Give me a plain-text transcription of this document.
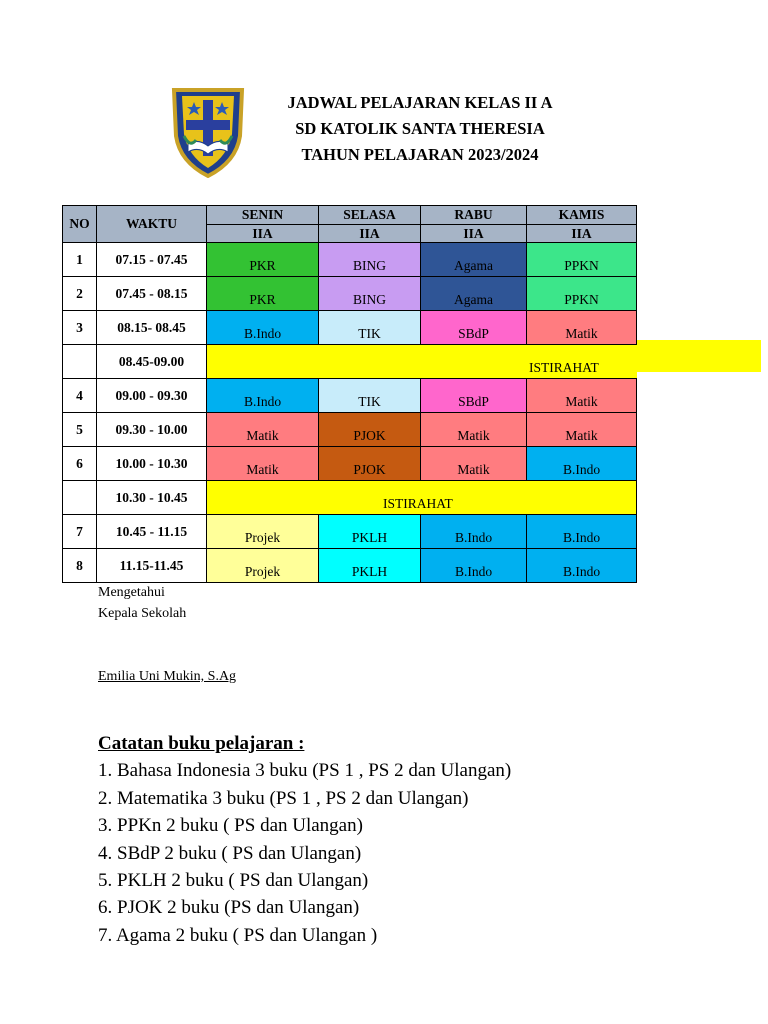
JADWAL PELAJARAN KELAS II A
SD KATOLIK SANTA THERESIA
TAHUN PELAJARAN 2023/2024
NO	WAKTU	SENIN	SELASA	RABU	KAMIS
		IIA	IIA	IIA	IIA
1	07.15 - 07.45	PKR	BING	Agama	PPKN
2	07.45 - 08.15	PKR	BING	Agama	PPKN
3	08.15- 08.45	B.Indo	TIK	SBdP	Matik
	08.45-09.00	ISTIRAHAT			
4	09.00 - 09.30	B.Indo	TIK	SBdP	Matik
5	09.30 - 10.00	Matik	PJOK	Matik	Matik
6	10.00 - 10.30	Matik	PJOK	Matik	B.Indo
	10.30 - 10.45	ISTIRAHAT			
7	10.45 - 11.15	Projek	PKLH	B.Indo	B.Indo
8	11.15-11.45	Projek	PKLH	B.Indo	B.Indo
Mengetahui
Kepala Sekolah
Emilia Uni Mukin, S.Ag
Catatan buku pelajaran :
1. Bahasa Indonesia 3 buku (PS 1 , PS 2 dan Ulangan)
2. Matematika 3 buku (PS 1 , PS 2 dan Ulangan)
3. PPKn 2 buku ( PS dan Ulangan)
4. SBdP 2 buku ( PS dan Ulangan)
5. PKLH 2 buku ( PS dan Ulangan)
6. PJOK 2 buku (PS dan Ulangan)
7. Agama 2 buku ( PS dan Ulangan )
